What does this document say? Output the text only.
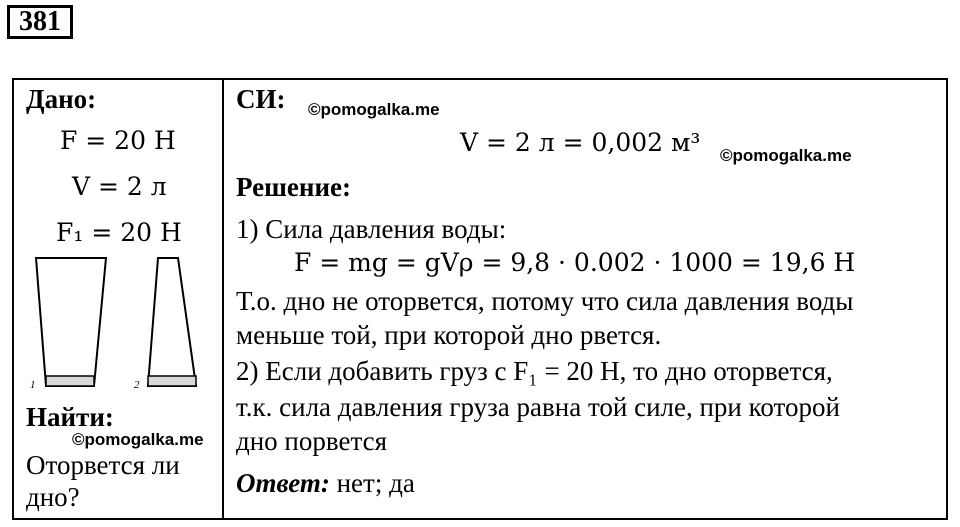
381
Дано:
F = 20 Н
V = 2 л
F₁ = 20 Н
1	2
Найти:
©pomogalka.me
Оторвется ли
дно?
СИ: ©pomogalka.me
V = 2 л = 0,002 м³ ©pomogalka.me
Решение:
1) Сила давления воды:
F = mg = gVρ = 9,8 · 0.002 · 1000 = 19,6 Н
Т.о. дно не оторвется, потому что сила давления воды
меньше той, при которой дно рвется.
2) Если добавить груз с F₁ = 20 Н, то дно оторвется,
т.к. сила давления груза равна той силе, при которой
дно порвется
Ответ: нет; да
